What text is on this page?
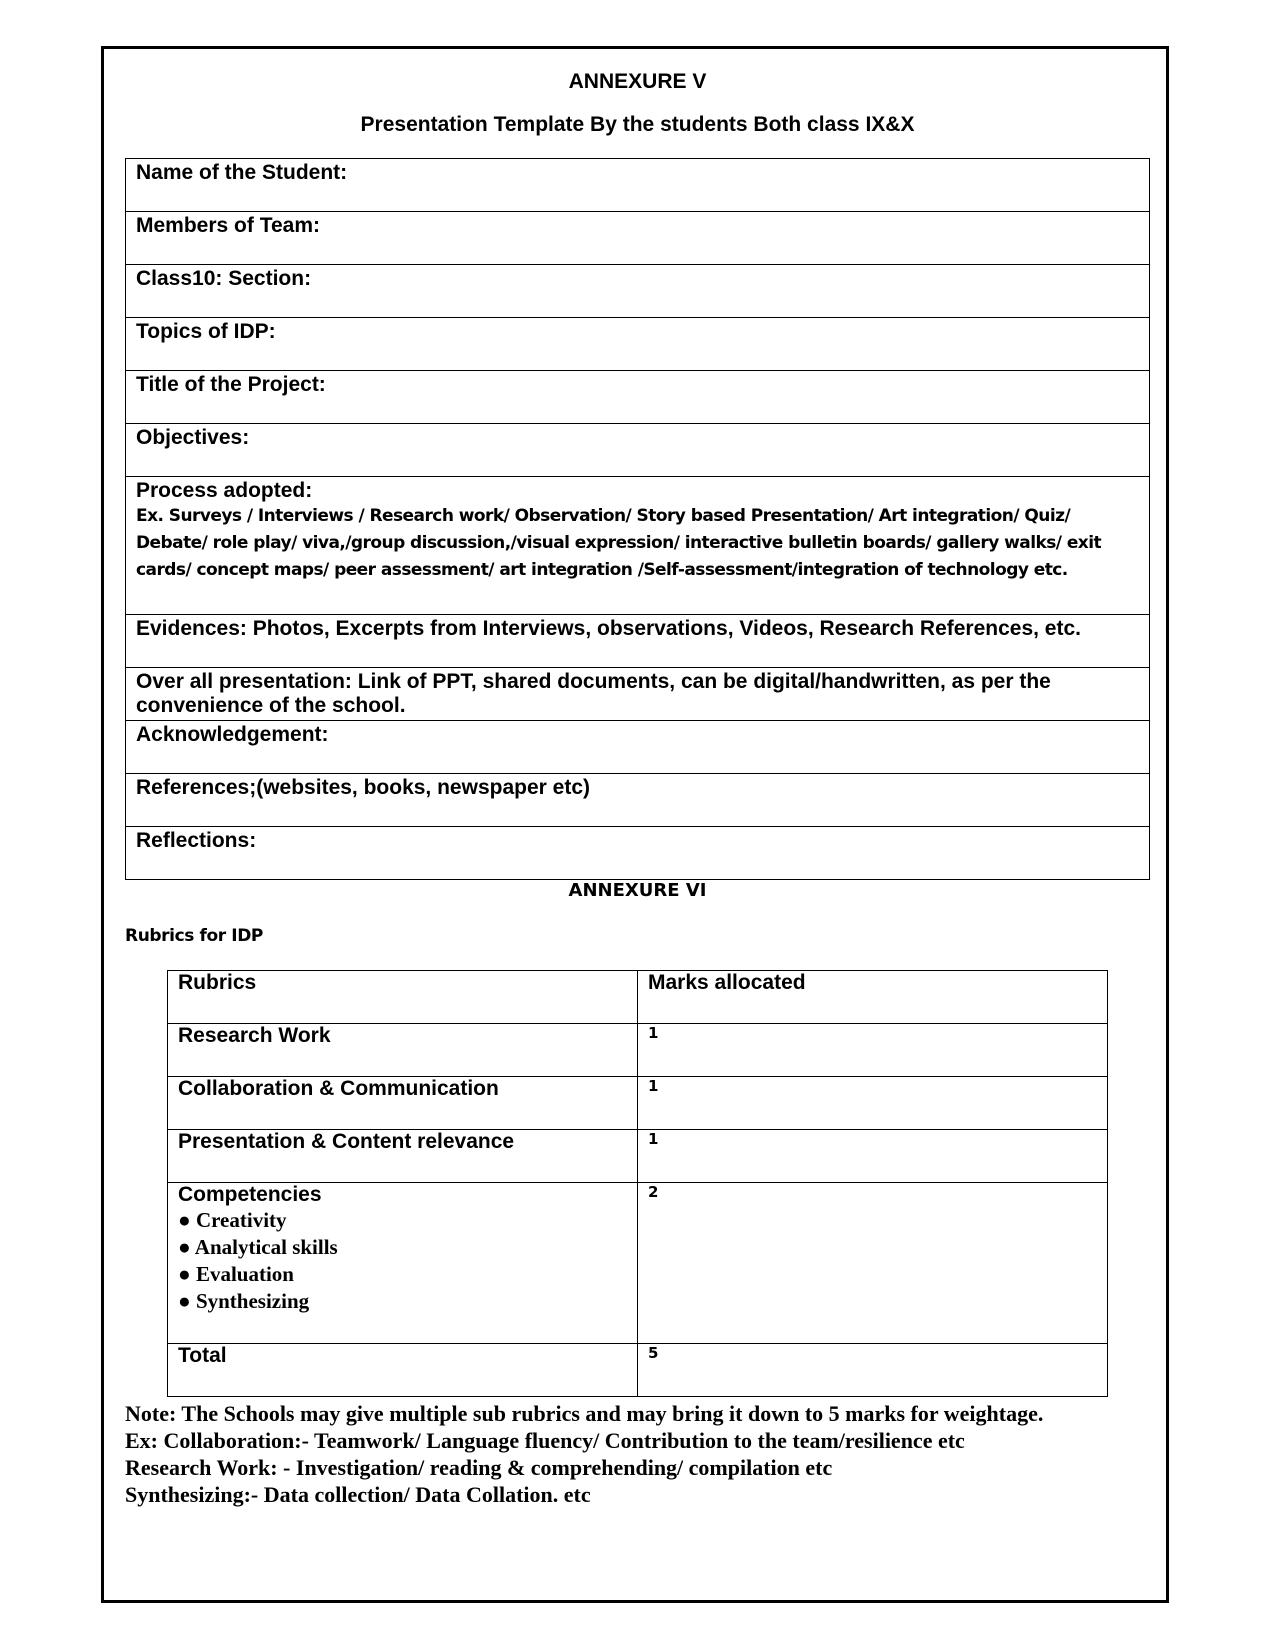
ANNEXURE V
Presentation Template By the students Both class IX&X
Name of the Student:
Members of Team:
Class10: Section:
Topics of IDP:
Title of the Project:
Objectives:

Process adopted:
Ex. Surveys / Interviews / Research work/ Observation/ Story based Presentation/ Art integration/ Quiz/ Debate/ role play/ viva,/group discussion,/visual expression/ interactive bulletin boards/ gallery walks/ exit cards/ concept maps/ peer assessment/ art integration /Self-assessment/integration of technology etc.

Evidences: Photos, Excerpts from Interviews, observations, Videos, Research References, etc.
Over all presentation: Link of PPT, shared documents, can be digital/handwritten, as per the convenience of the school.
Acknowledgement:
References;(websites, books, newspaper etc)
Reflections:
ANNEXURE VI
Rubrics for IDP
Rubrics	Marks allocated
Research Work	1
Collaboration & Communication	1
Presentation & Content relevance	1

Competencies
● Creativity
● Analytical skills
● Evaluation
● Synthesizing	2
Total	5
Note: The Schools may give multiple sub rubrics and may bring it down to 5 marks for weightage.
Ex: Collaboration:- Teamwork/ Language fluency/ Contribution to the team/resilience etc
Research Work: - Investigation/ reading & comprehending/ compilation etc
Synthesizing:- Data collection/ Data Collation. etc
